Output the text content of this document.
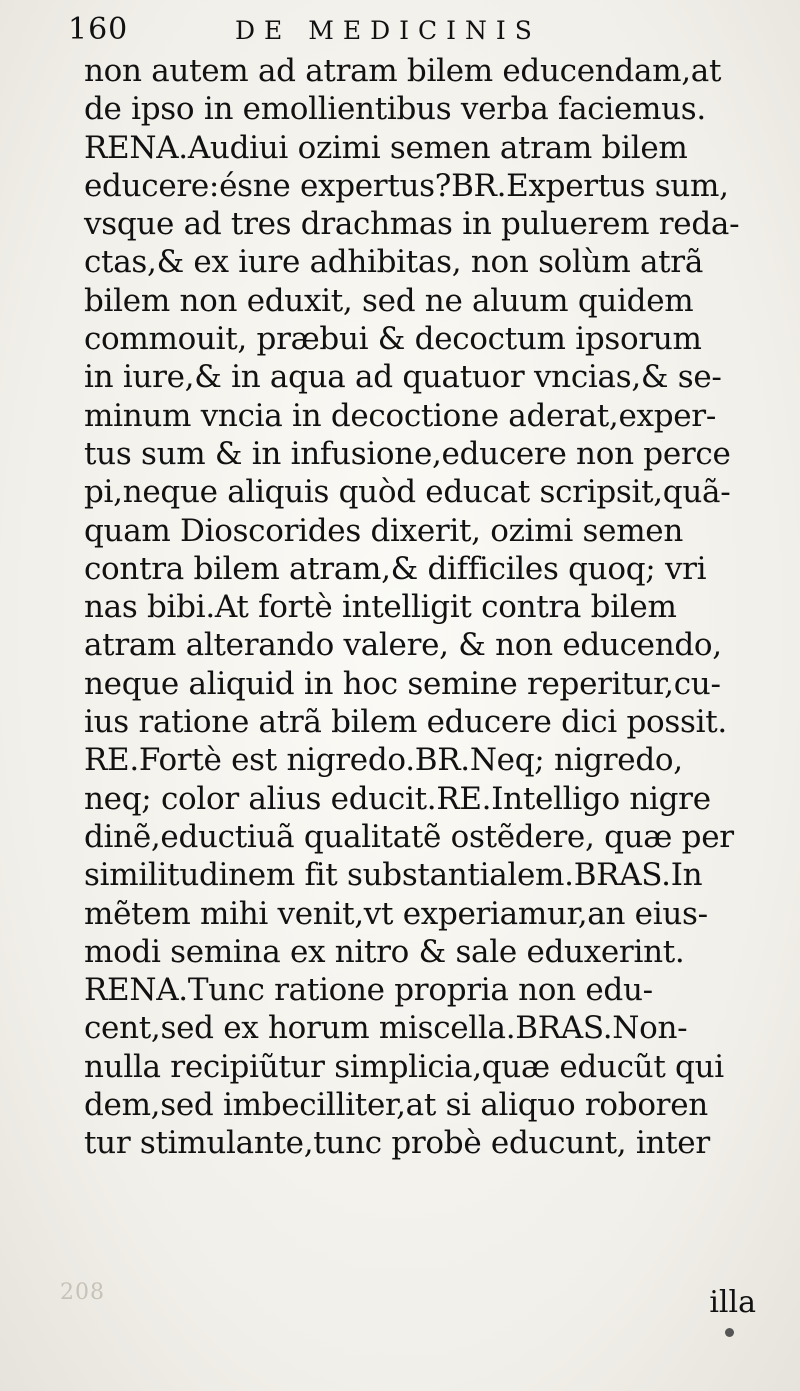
160	DE MEDICINIS
non autem ad atram bilem educendam,at
de ipso in emollientibus verba faciemus.
RENA.Audiui ozimi semen atram bilem
educere:ésne expertus?BR.Expertus sum,
vsque ad tres drachmas in puluerem reda-
ctas,& ex iure adhibitas, non solùm atrã
bilem non eduxit, sed ne aluum quidem
commouit, præbui & decoctum ipsorum
in iure,& in aqua ad quatuor vncias,& se-
minum vncia in decoctione aderat,exper-
tus sum & in infusione,educere non perce
pi,neque aliquis quòd educat scripsit,quã-
quam Dioscorides dixerit, ozimi semen
contra bilem atram,& difficiles quoq; vri
nas bibi.At fortè intelligit contra bilem
atram alterando valere, & non educendo,
neque aliquid in hoc semine reperitur,cu-
ius ratione atrã bilem educere dici possit.
RE.Fortè est nigredo.BR.Neq; nigredo,
neq; color alius educit.RE.Intelligo nigre
dinẽ,eductiuã qualitatẽ ostẽdere, quæ per
similitudinem fit substantialem.BRAS.In
mẽtem mihi venit,vt experiamur,an eius-
modi semina ex nitro & sale eduxerint.
RENA.Tunc ratione propria non edu-
cent,sed ex horum miscella.BRAS.Non-
nulla recipiũtur simplicia,quæ educũt qui
dem,sed imbecilliter,at si aliquo roboren
tur stimulante,tunc probè educunt, inter
208	illa
